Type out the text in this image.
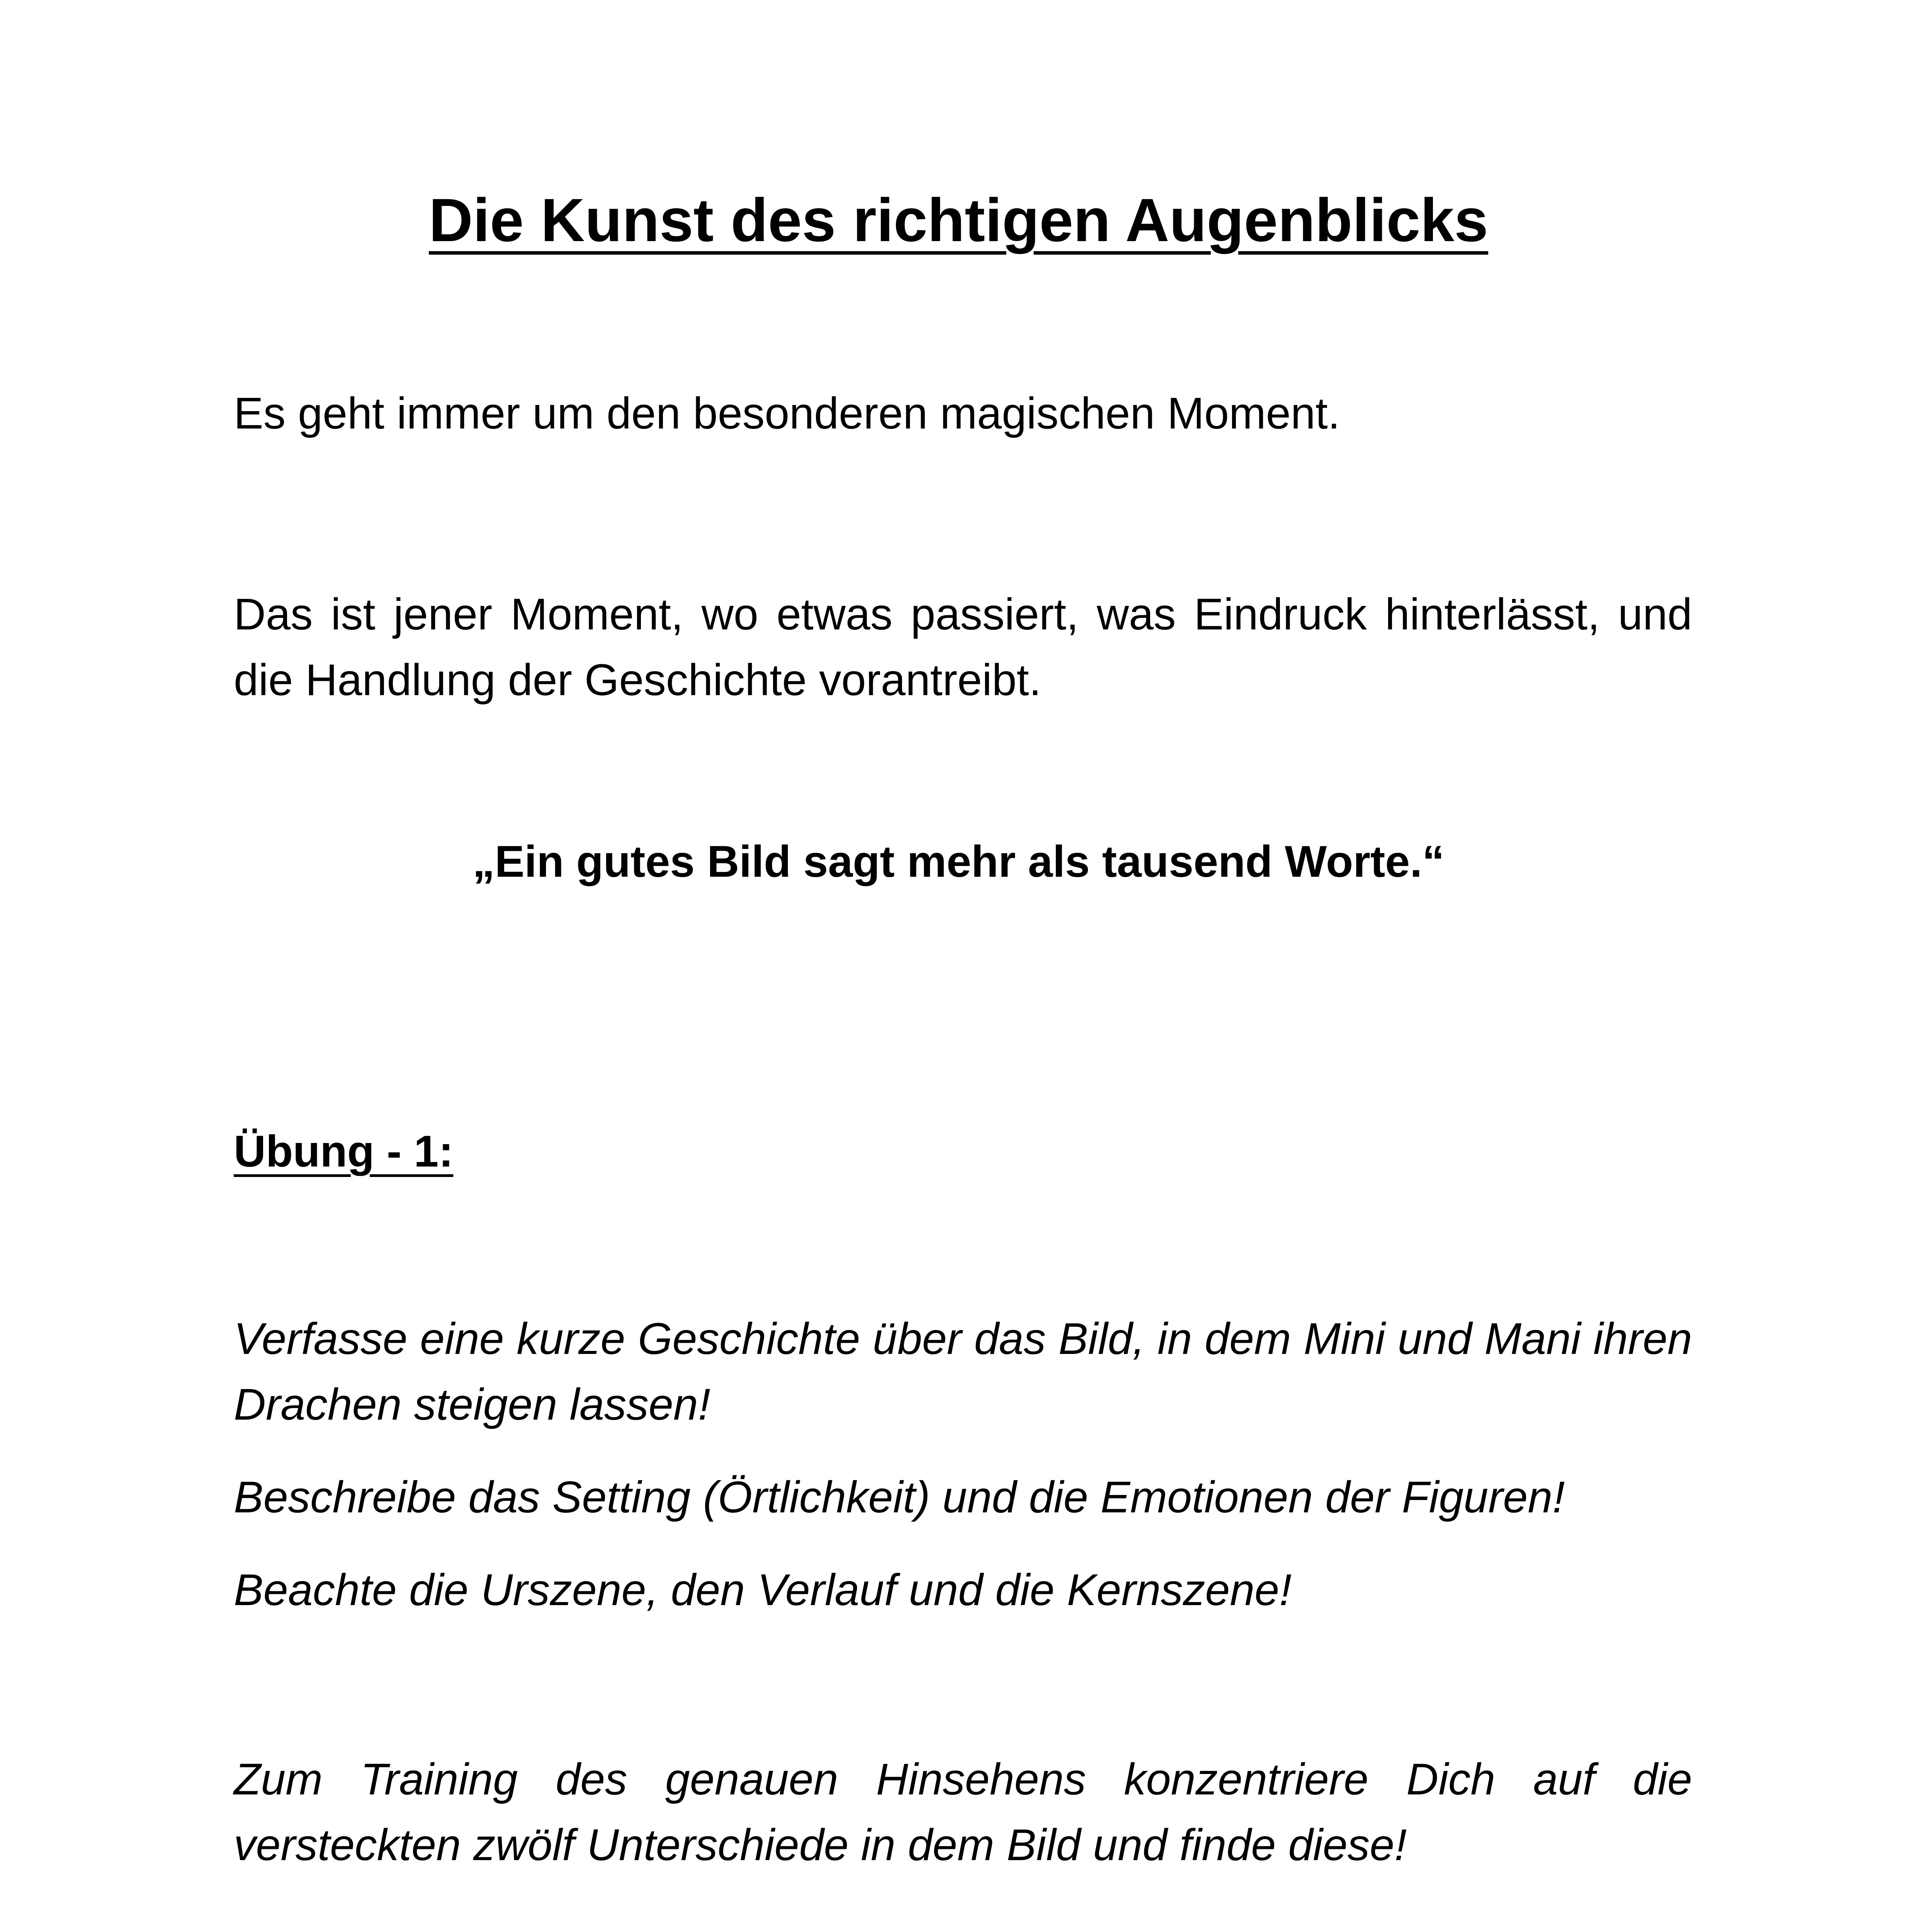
Die Kunst des richtigen Augenblicks

Es geht immer um den besonderen magischen Moment.

Das ist jener Moment, wo etwas passiert, was Eindruck hinterlässt, und die Handlung der Geschichte vorantreibt.

„Ein gutes Bild sagt mehr als tausend Worte.“

Übung - 1:

Verfasse eine kurze Geschichte über das Bild, in dem Mini und Mani ihren Drachen steigen lassen!

Beschreibe das Setting (Örtlichkeit) und die Emotionen der Figuren!

Beachte die Urszene, den Verlauf und die Kernszene!

Zum Training des genauen Hinsehens konzentriere Dich auf die versteckten zwölf Unterschiede in dem Bild und finde diese!
